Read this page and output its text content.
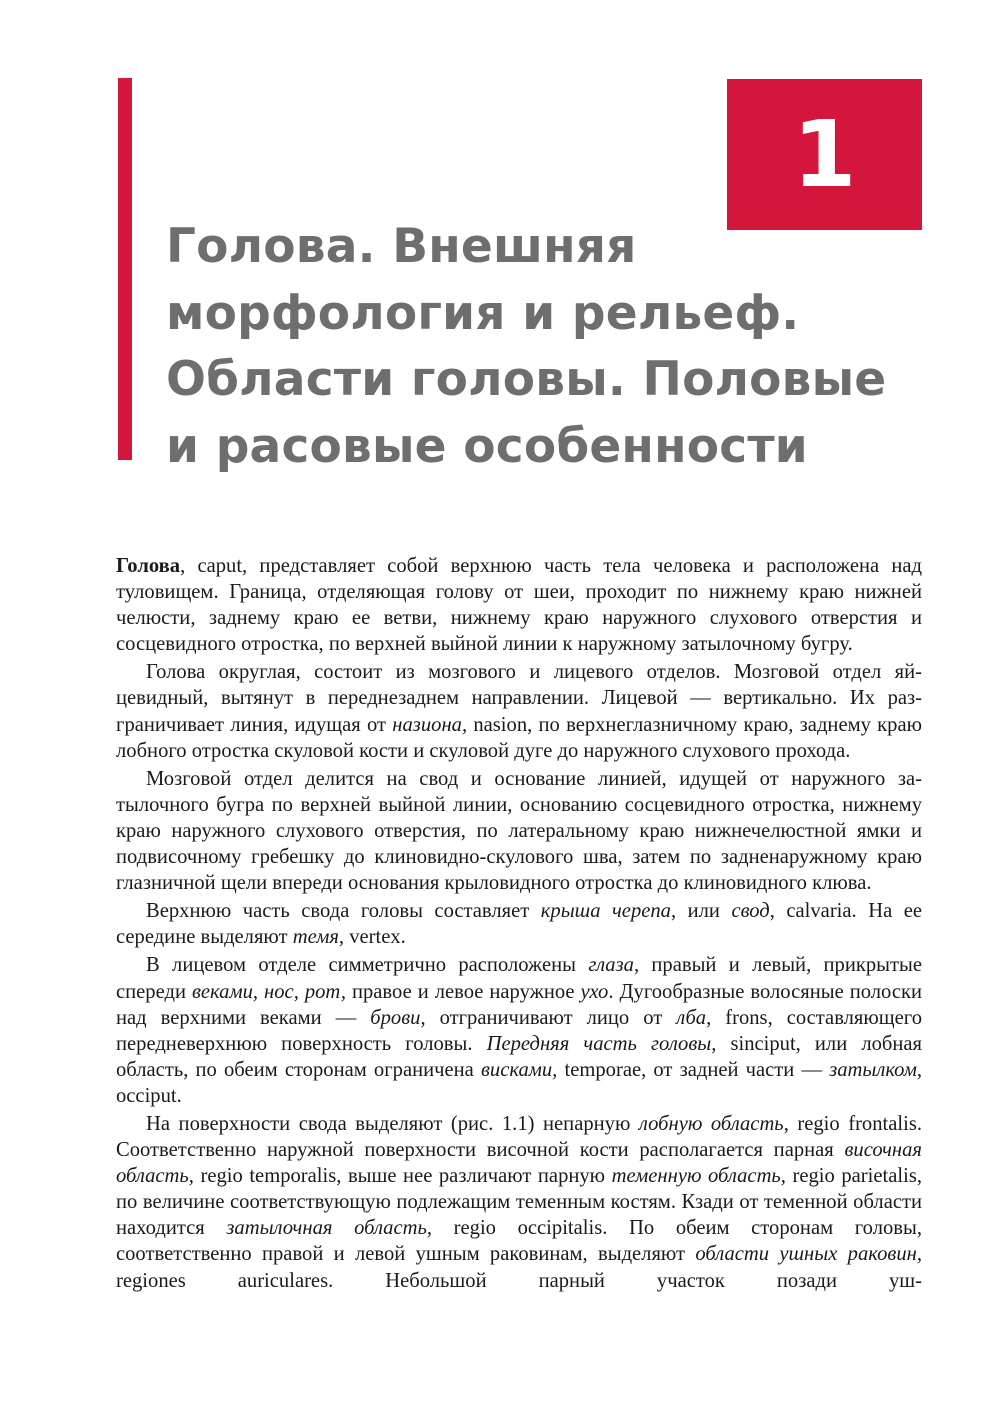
1
Голова. Внешняя
морфология и рельеф.
Области головы. Половые
и расовые особенности

Голова, caput, представляет собой верхнюю часть тела человека и расположена над туловищем. Граница, отделяющая голову от шеи, проходит по нижнему краю нижней челюсти, заднему краю ее ветви, нижнему краю наружного слухового отверстия и сосцевидного отростка, по верхней выйной линии к наружному затылочному бугру.

Голова округлая, состоит из мозгового и лицевого отделов. Мозговой отдел яйцевидный, вытянут в переднезаднем направлении. Лицевой — вертикально. Их разграничивает линия, идущая от назиона, nasion, по верхнеглазничному краю, заднему краю лобного отростка скуловой кости и скуловой дуге до наружного слухового прохода.

Мозговой отдел делится на свод и основание линией, идущей от наружного затылочного бугра по верхней выйной линии, основанию сосцевидного отростка, нижнему краю наружного слухового отверстия, по латеральному краю нижнечелюстной ямки и подвисочному гребешку до клиновидно-скулового шва, затем по задненаружному краю глазничной щели впереди основания крыловидного отростка до клиновидного клюва.

Верхнюю часть свода головы составляет крыша черепа, или свод, calvaria. На ее середине выделяют темя, vertex.

В лицевом отделе симметрично расположены глаза, правый и левый, прикрытые спереди веками, нос, рот, правое и левое наружное ухо. Дугообразные волосяные полоски над верхними веками — брови, отграничивают лицо от лба, frons, составляющего передневерхнюю поверхность головы. Передняя часть головы, sinciput, или лобная область, по обеим сторонам ограничена висками, temporae, от задней части — затылком, occiput.

На поверхности свода выделяют (рис. 1.1) непарную лобную область, regio frontalis. Соответственно наружной поверхности височной кости располагается парная височная область, regio temporalis, выше нее различают парную теменную область, regio parietalis, по величине соответствующую подлежащим теменным костям. Кзади от теменной области находится затылочная область, regio occipitalis. По обеим сторонам головы, соответственно правой и левой ушным раковинам, выделяют области ушных раковин, regiones auriculares. Небольшой парный участок позади уш-
